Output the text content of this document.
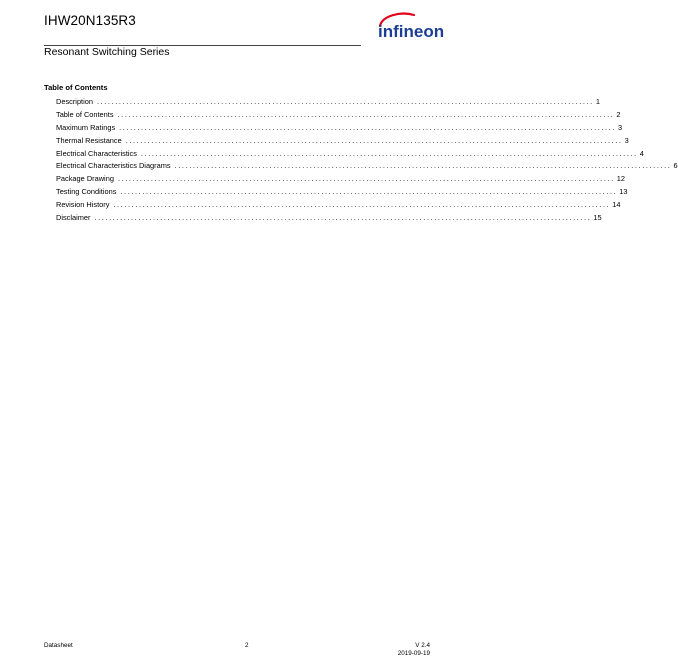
IHW20N135R3
infineon
Resonant Switching Series
Table of Contents
Description ........................................................................................................................................ 1
Table of Contents ........................................................................................................................................ 2
Maximum Ratings ........................................................................................................................................ 3
Thermal Resistance ........................................................................................................................................ 3
Electrical Characteristics ........................................................................................................................................ 4
Electrical Characteristics Diagrams ........................................................................................................................................ 6
Package Drawing ........................................................................................................................................ 12
Testing Conditions ........................................................................................................................................ 13
Revision History ........................................................................................................................................ 14
Disclaimer ........................................................................................................................................ 15
Datasheet	2	V 2.4
2019-09-19
